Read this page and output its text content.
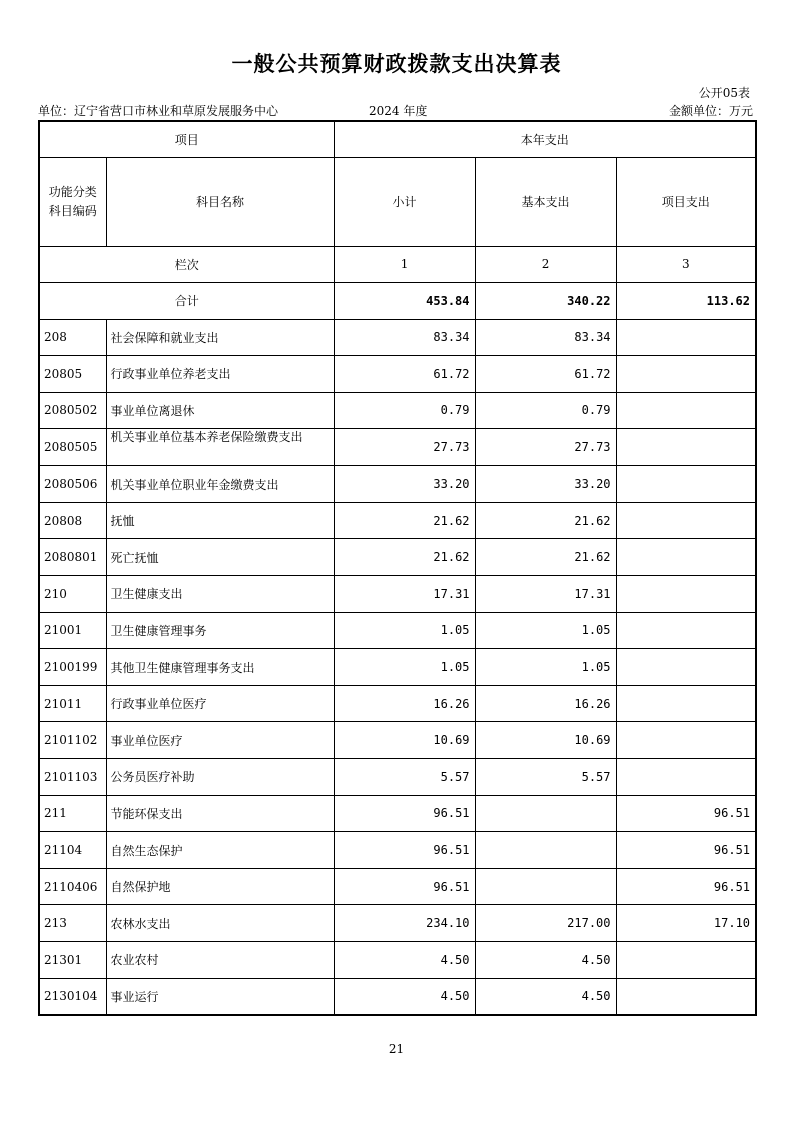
一般公共预算财政拨款支出决算表
公开05表
单位：辽宁省营口市林业和草原发展服务中心	2024 年度	金额单位：万元
项目		本年支出		
功能分类科目编码	科目名称	小计	基本支出	项目支出
栏次		1	2	3
合计		453.84	340.22	113.62
208	社会保障和就业支出	83.34	83.34	
20805	行政事业单位养老支出	61.72	61.72	
2080502	事业单位离退休	0.79	0.79	
2080505	机关事业单位基本养老保险缴费支出	27.73	27.73	
2080506	机关事业单位职业年金缴费支出	33.20	33.20	
20808	抚恤	21.62	21.62	
2080801	死亡抚恤	21.62	21.62	
210	卫生健康支出	17.31	17.31	
21001	卫生健康管理事务	1.05	1.05	
2100199	其他卫生健康管理事务支出	1.05	1.05	
21011	行政事业单位医疗	16.26	16.26	
2101102	事业单位医疗	10.69	10.69	
2101103	公务员医疗补助	5.57	5.57	
211	节能环保支出	96.51		96.51
21104	自然生态保护	96.51		96.51
2110406	自然保护地	96.51		96.51
213	农林水支出	234.10	217.00	17.10
21301	农业农村	4.50	4.50	
2130104	事业运行	4.50	4.50	
21
